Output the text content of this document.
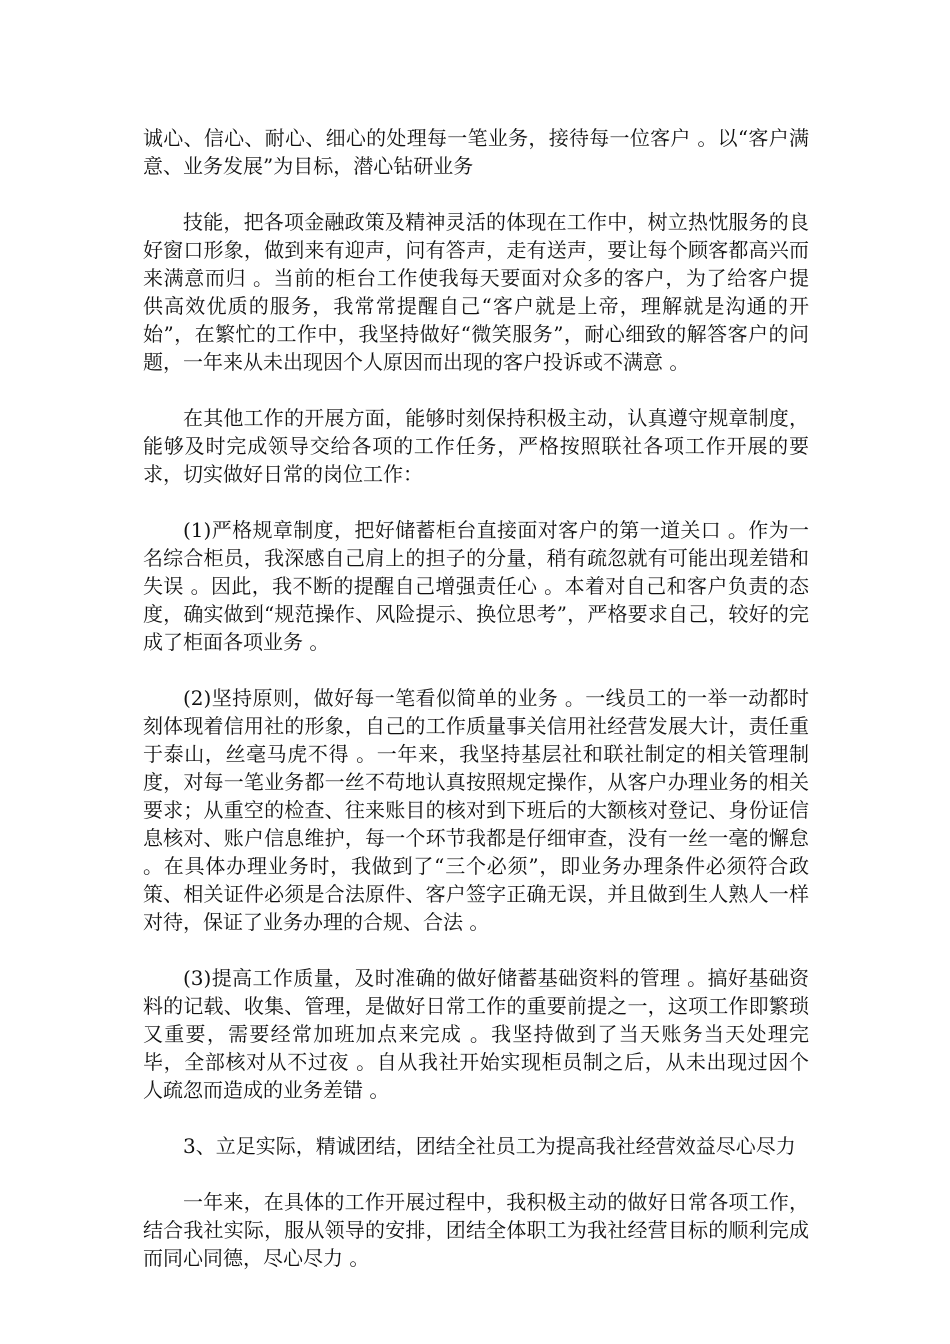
诚心、信心、耐心、细心的处理每一笔业务，接待每一位客户 。以“客户满意、业务发展”为目标，潜心钻研业务

技能，把各项金融政策及精神灵活的体现在工作中，树立热忱服务的良好窗口形象，做到来有迎声，问有答声，走有送声，要让每个顾客都高兴而来满意而归 。当前的柜台工作使我每天要面对众多的客户，为了给客户提供高效优质的服务，我常常提醒自己“客户就是上帝，理解就是沟通的开始”，在繁忙的工作中，我坚持做好“微笑服务”，耐心细致的解答客户的问题，一年来从未出现因个人原因而出现的客户投诉或不满意 。

在其他工作的开展方面，能够时刻保持积极主动，认真遵守规章制度，能够及时完成领导交给各项的工作任务，严格按照联社各项工作开展的要求，切实做好日常的岗位工作：

(1)严格规章制度，把好储蓄柜台直接面对客户的第一道关口 。作为一名综合柜员，我深感自己肩上的担子的分量，稍有疏忽就有可能出现差错和失误 。因此，我不断的提醒自己增强责任心 。本着对自己和客户负责的态度，确实做到“规范操作、风险提示、换位思考”，严格要求自己，较好的完成了柜面各项业务 。

(2)坚持原则，做好每一笔看似简单的业务 。一线员工的一举一动都时刻体现着信用社的形象，自己的工作质量事关信用社经营发展大计，责任重于泰山，丝毫马虎不得 。一年来，我坚持基层社和联社制定的相关管理制度，对每一笔业务都一丝不苟地认真按照规定操作，从客户办理业务的相关要求；从重空的检查、往来账目的核对到下班后的大额核对登记、身份证信息核对、账户信息维护，每一个环节我都是仔细审查，没有一丝一毫的懈怠 。在具体办理业务时，我做到了“三个必须”，即业务办理条件必须符合政策、相关证件必须是合法原件、客户签字正确无误，并且做到生人熟人一样对待，保证了业务办理的合规、合法 。

(3)提高工作质量，及时准确的做好储蓄基础资料的管理 。搞好基础资料的记载、收集、管理，是做好日常工作的重要前提之一，这项工作即繁琐又重要，需要经常加班加点来完成 。我坚持做到了当天账务当天处理完毕，全部核对从不过夜 。自从我社开始实现柜员制之后，从未出现过因个人疏忽而造成的业务差错 。

3、立足实际，精诚团结，团结全社员工为提高我社经营效益尽心尽力

一年来，在具体的工作开展过程中，我积极主动的做好日常各项工作，结合我社实际，服从领导的安排，团结全体职工为我社经营目标的顺利完成而同心同德，尽心尽力 。
